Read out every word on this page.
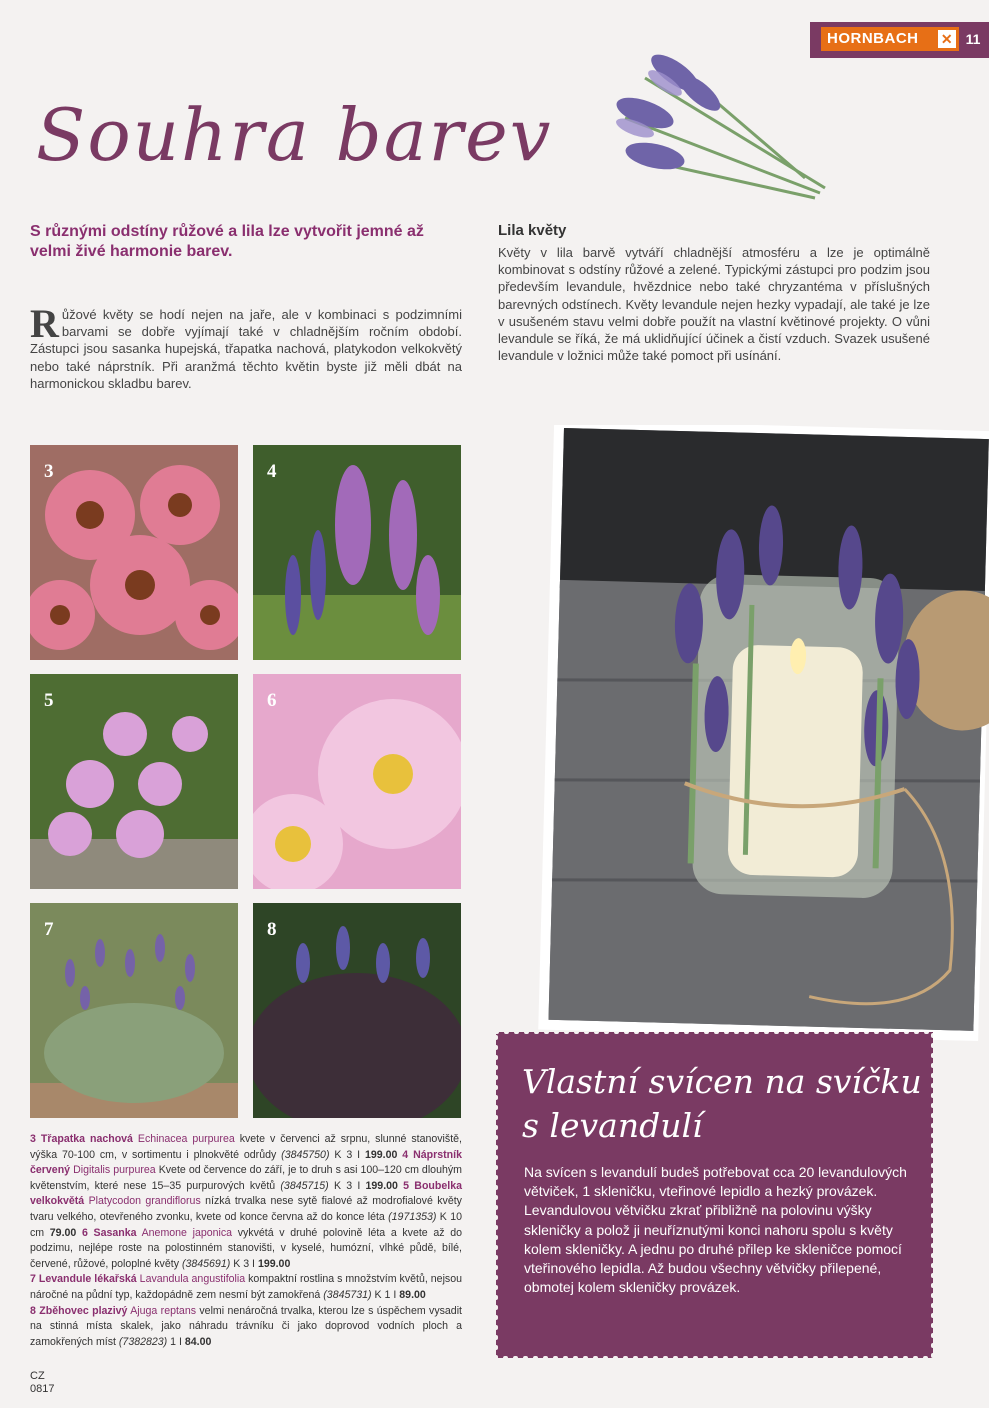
HORNBACH ✕ 11
Souhra barev
S různými odstíny růžové a lila lze vytvořit jemné až velmi živé harmonie barev.
Růžové květy se hodí nejen na jaře, ale v kombinaci s podzimními barvami se dobře vyjímají také v chladnějším ročním období. Zástupci jsou sasanka hupejská, třapatka nachová, platykodon velkokvětý nebo také náprstník. Při aranžmá těchto květin byste již měli dbát na harmonickou skladbu barev.
Lila květy
Květy v lila barvě vytváří chladnější atmosféru a lze je optimálně kombinovat s odstíny růžové a zelené. Typickými zástupci pro podzim jsou především levandule, hvězdnice nebo také chryzantéma v příslušných barevných odstínech. Květy levandule nejen hezky vypadají, ale také je lze v usušeném stavu velmi dobře použít na vlastní květinové projekty. O vůni levandule se říká, že má uklidňující účinek a čistí vzduch. Svazek usušené levandule v ložnici může také pomoct při usínání.
3	4
5	6
7	8
3 Třapatka nachová Echinacea purpurea kvete v červenci až srpnu, slunné stanoviště, výška 70-100 cm, v sortimentu i plnokvěté odrůdy (3845750) K 3 I 199.00 4 Náprstník červený Digitalis purpurea Kvete od července do září, je to druh s asi 100–120 cm dlouhým květenstvím, které nese 15–35 purpurových květů (3845715) K 3 I 199.00 5 Boubelka velkokvětá Platycodon grandiflorus nízká trvalka nese sytě fialové až modrofialové květy tvaru velkého, otevřeného zvonku, kvete od konce června až do konce léta (1971353) K 10 cm 79.00 6 Sasanka Anemone japonica vykvétá v druhé polovině léta a kvete až do podzimu, nejlépe roste na polostinném stanovišti, v kyselé, humózní, vlhké půdě, bílé, červené, růžové, poloplné květy (3845691) K 3 I 199.00
7 Levandule lékařská Lavandula angustifolia kompaktní rostlina s množstvím květů, nejsou náročné na půdní typ, každopádně zem nesmí být zamokřená (3845731) K 1 I 89.00
8 Zběhovec plazivý Ajuga reptans velmi nenáročná trvalka, kterou lze s úspěchem vysadit na stinná místa skalek, jako náhradu trávníku či jako doprovod vodních ploch a zamokřených míst (7382823) 1 I 84.00
CZ
0817
Vlastní svícen na svíčku s levandulí
Na svícen s levandulí budeš potřebovat cca 20 levandulových větviček, 1 skleničku, vteřinové lepidlo a hezký provázek. Levandulovou větvičku zkrať přibližně na polovinu výšky skleničky a polož ji neuříznutými konci nahoru spolu s květy kolem skleničky. A jednu po druhé přilep ke skleničce pomocí vteřinového lepidla. Až budou všechny větvičky přilepené, obmotej kolem skleničky provázek.
